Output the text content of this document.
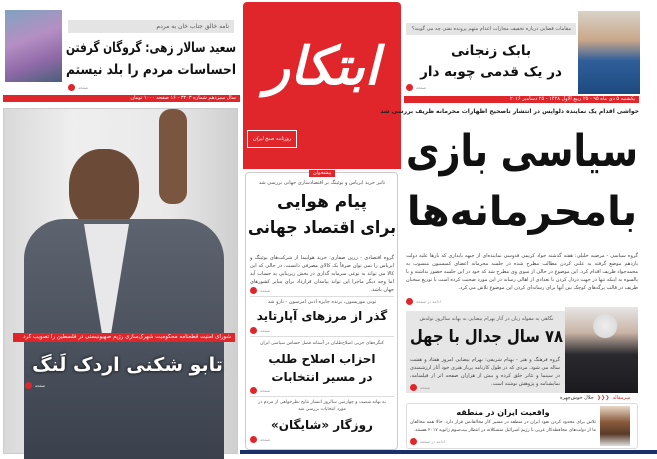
نامه خالق جناب خان به مردم
سعید سالار زهی: گروگان گرفتن
احساسات مردم را بلد نیستم
صفحه
سال سیزدهم شماره ۳۲۰۳ - ۱۶ صفحه ۱۰۰۰ تومان
شورای امنیت قطعنامه محکومیت شهرک‌سازی رژیم صهیونیستی در فلسطین را تصویب کرد
تابو شکنی اردک لَنگ
صفحه
ابتکار
روزنامه صبح ایران
پیشخوان
تاثیر خرید ایرباس و بوئینگ بر اقتصادسازی جهانی بررسی شد
پیام هوایی
برای اقتصاد جهانی
گروه اقتصادی - زرین صفاری: خرید هواپیما از شرکت‌های بوئینگ و ایرباس را نمی توان صرفاً یک کالای مصرفی دانست. در حالی که این کالا می تواند به نوعی سرمایه گذاری در بخش زیربنایی به حساب آید اما وجه دیگر ماجرا این تواند پیامدان قرارداد برای سایر کشورهای جهان باشد.
صفحه
تونی موریسون، برنده جایزه ادبی امرسون - نارو شد
گذر از مرزهای آپارتاید
صفحه
کنگره‌های حزبی اصلاح‌طلبان در آستانه فصل حساس سیاسی ایران
احزاب اصلاح طلب
در مسیر انتخابات
صفحه
به بهانه شصت و چهارمین سالروز انتشار نتایج نظرخواهی از مردم در مورد انتخابات بررسی شد
روزگار «شایگان»
صفحه
مقامات قضایی درباره تخفیف مجازات اعدام متهم پرونده نفتی چه می گویند؟
بابک زنجانی
در یک قدمی چوبه دار
صفحه
یکشنبه ۵ دی ماه ۹۵ - ۲۵ ربیع الاول ۱۴۳۸ - ۲۵ دسامبر ۲۰۱۶
حواشی اقدام یک نماینده دلواپس در انتشار ناصحیح اظهارات محرمانه ظریف بررسی شد
سیاسی بازی
بامحرمانه‌ها
گروه سیاسی - مرضیه خلیلی: هفته گذشته جواد کریمی قدوسی نماینده‌ای از جبهه پایداری که بارها علیه دولت یازدهم موضع گرفته به علنی کردن مطالب مطرح شده در جلسه محرمانه اعضای کمیسیون منسوب به محمدجواد ظریف اقدام کرد. این موضوع در حالی از سوی وی مطرح شد که خود در این جلسه حضور نداشته و با پالسوه به اینکه تنها در جهت دردل کردن با تعدادی از اهالی رسانه در این مورد صحبت کرده است با توزیع سخنان ظریف در قالب برگه‌های کوچک بین آنها برای رسانه‌ای کردن این موضوع تلاش می کرد.
ادامه در صفحه
نگاهی به مقوله زبان در آثار بهرام بیضایی به بهانه سالروز تولدش
۷۸ سال جدال با جهل
گروه فرهنگ و هنر - بهنام شریفی: بهرام بیضایی امروز هفتاد و هشت ساله می شود. مردی که در طول کارنامه پربار هنری خود آثار ارزشمندی در سینما و تئاتر خلق کرده و بیش از هزاران صفحه اثر از فیلمنامه، نمایشنامه و پژوهش نوشته است.
صفحه
سرمقاله
❮❮❮
جلال خوش‌چهره
واقعیت ایران در منطقه
تلاش برای محدود کردن نفوذ ایران در منطقه در مسیر کار مخالفانش قرار دارد. حالا همه مخالفان ما از دولت‌های محافظه‌کار عربی تا رژیم اسرائیل متشکلانه در انتظار بیت‌سوم ژانویه ۲۰۱۷ هستند.
ادامه در صفحه
